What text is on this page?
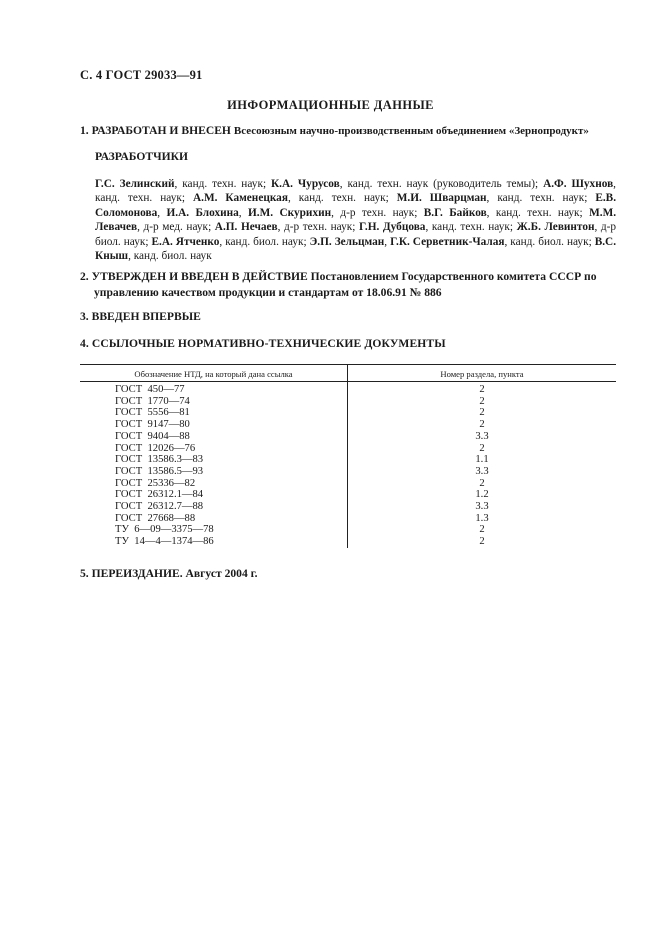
С. 4 ГОСТ 29033—91
ИНФОРМАЦИОННЫЕ ДАННЫЕ
1. РАЗРАБОТАН И ВНЕСЕН Всесоюзным научно-производственным объединением «Зернопродукт»
РАЗРАБОТЧИКИ
Г.С. Зелинский, канд. техн. наук; К.А. Чурусов, канд. техн. наук (руководитель темы); А.Ф. Шухнов, канд. техн. наук; А.М. Каменецкая, канд. техн. наук; М.И. Шварцман, канд. техн. наук; Е.В. Соломонова, И.А. Блохина, И.М. Скурихин, д-р техн. наук; В.Г. Байков, канд. техн. наук; М.М. Левачев, д-р мед. наук; А.П. Нечаев, д-р техн. наук; Г.Н. Дубцова, канд. техн. наук; Ж.Б. Левинтон, д-р биол. наук; Е.А. Ятченко, канд. биол. наук; Э.П. Зельцман, Г.К. Серветник-Чалая, канд. биол. наук; В.С. Кныш, канд. биол. наук
2. УТВЕРЖДЕН И ВВЕДЕН В ДЕЙСТВИЕ Постановлением Государственного комитета СССР по управлению качеством продукции и стандартам от 18.06.91 № 886
3. ВВЕДЕН ВПЕРВЫЕ
4. ССЫЛОЧНЫЕ НОРМАТИВНО-ТЕХНИЧЕСКИЕ ДОКУМЕНТЫ
Обозначение НТД, на который дана ссылка	Номер раздела, пункта
ГОСТ  450—77	2
ГОСТ  1770—74	2
ГОСТ  5556—81	2
ГОСТ  9147—80	2
ГОСТ  9404—88	3.3
ГОСТ  12026—76	2
ГОСТ  13586.3—83	1.1
ГОСТ  13586.5—93	3.3
ГОСТ  25336—82	2
ГОСТ  26312.1—84	1.2
ГОСТ  26312.7—88	3.3
ГОСТ  27668—88	1.3
ТУ  6—09—3375—78	2
ТУ  14—4—1374—86	2
5. ПЕРЕИЗДАНИЕ. Август 2004 г.
